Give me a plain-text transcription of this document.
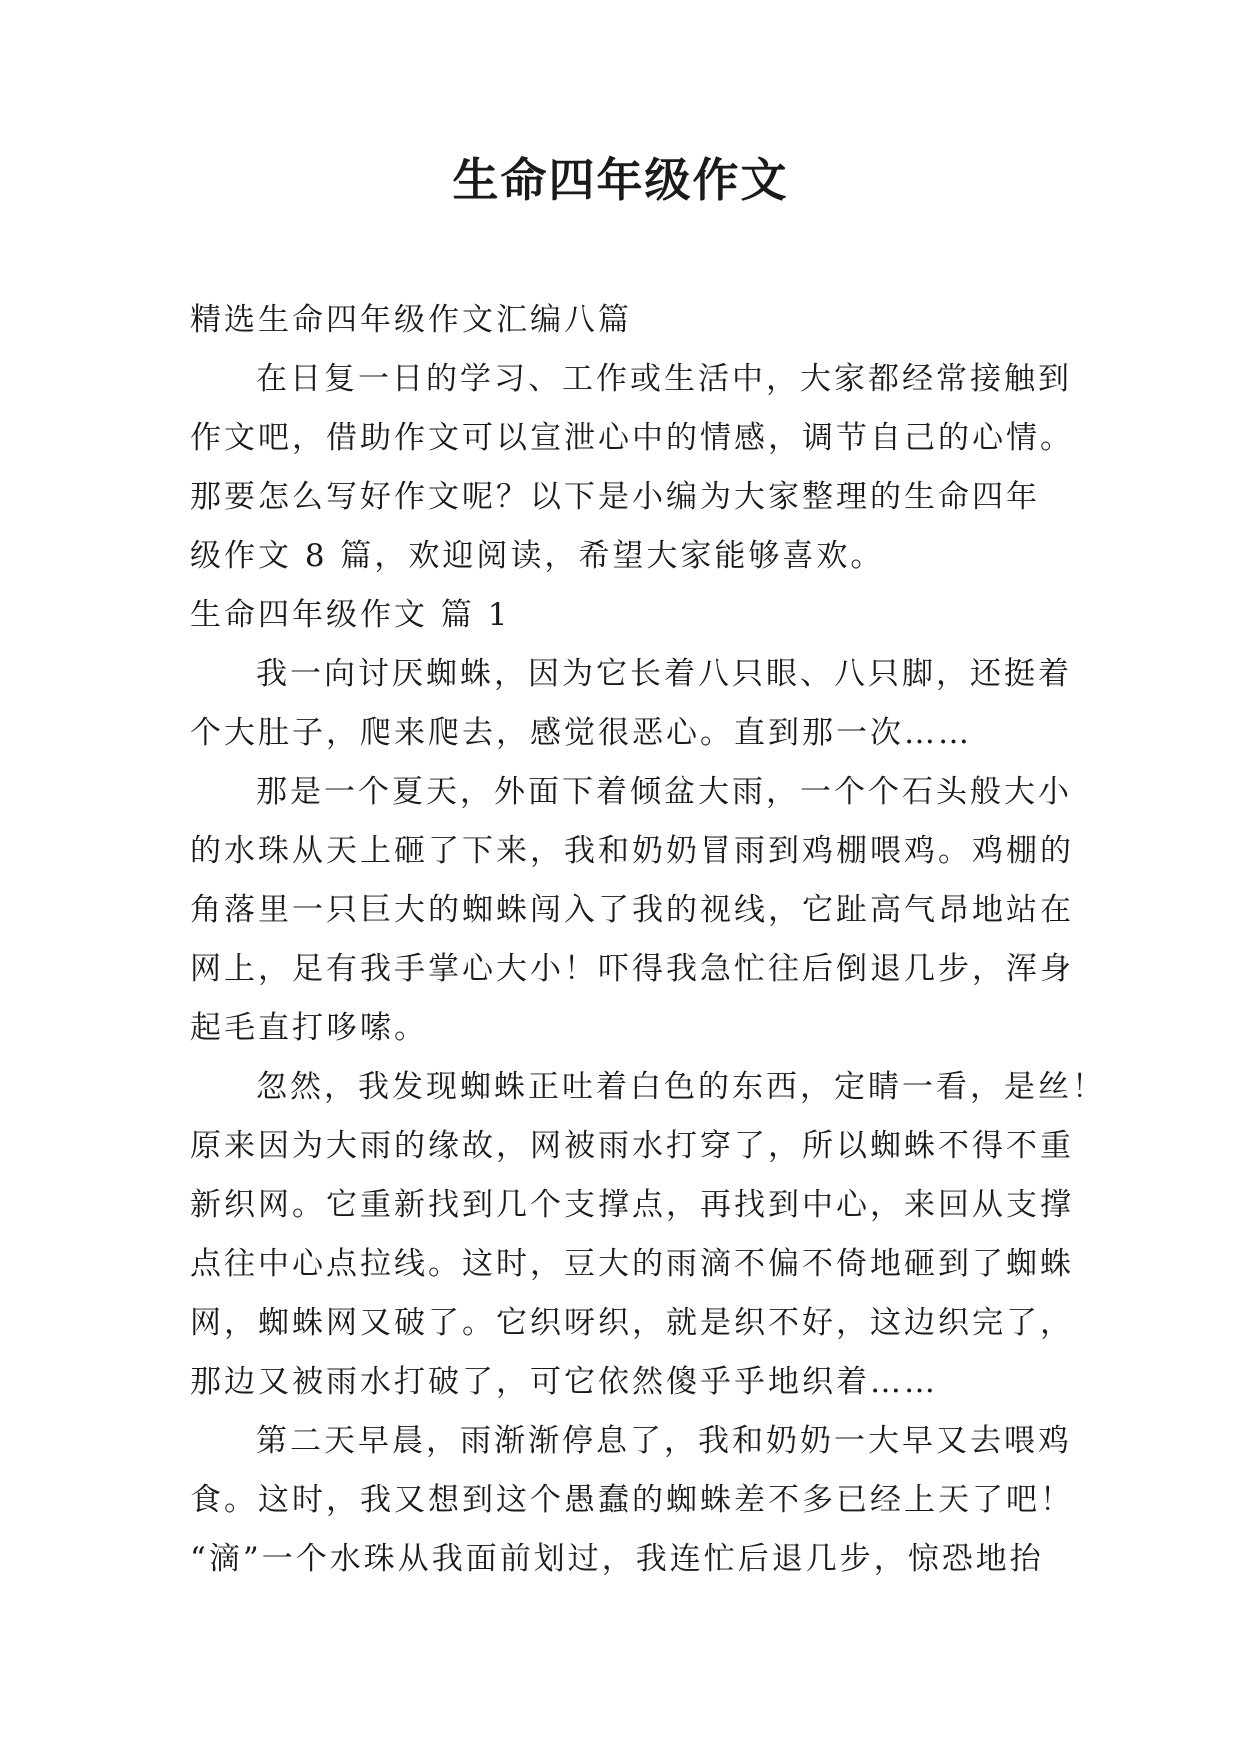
生命四年级作文
精选生命四年级作文汇编八篇
在日复一日的学习、工作或生活中，大家都经常接触到
作文吧，借助作文可以宣泄心中的情感，调节自己的心情。
那要怎么写好作文呢？以下是小编为大家整理的生命四年
级作文 8 篇，欢迎阅读，希望大家能够喜欢。
生命四年级作文 篇 1
我一向讨厌蜘蛛，因为它长着八只眼、八只脚，还挺着
个大肚子，爬来爬去，感觉很恶心。直到那一次……
那是一个夏天，外面下着倾盆大雨，一个个石头般大小
的水珠从天上砸了下来，我和奶奶冒雨到鸡棚喂鸡。鸡棚的
角落里一只巨大的蜘蛛闯入了我的视线，它趾高气昂地站在
网上，足有我手掌心大小！吓得我急忙往后倒退几步，浑身
起毛直打哆嗦。
忽然，我发现蜘蛛正吐着白色的东西，定睛一看，是丝！
原来因为大雨的缘故，网被雨水打穿了，所以蜘蛛不得不重
新织网。它重新找到几个支撑点，再找到中心，来回从支撑
点往中心点拉线。这时，豆大的雨滴不偏不倚地砸到了蜘蛛
网，蜘蛛网又破了。它织呀织，就是织不好，这边织完了，
那边又被雨水打破了，可它依然傻乎乎地织着……
第二天早晨，雨渐渐停息了，我和奶奶一大早又去喂鸡
食。这时，我又想到这个愚蠢的蜘蛛差不多已经上天了吧！
“滴”一个水珠从我面前划过，我连忙后退几步，惊恐地抬
